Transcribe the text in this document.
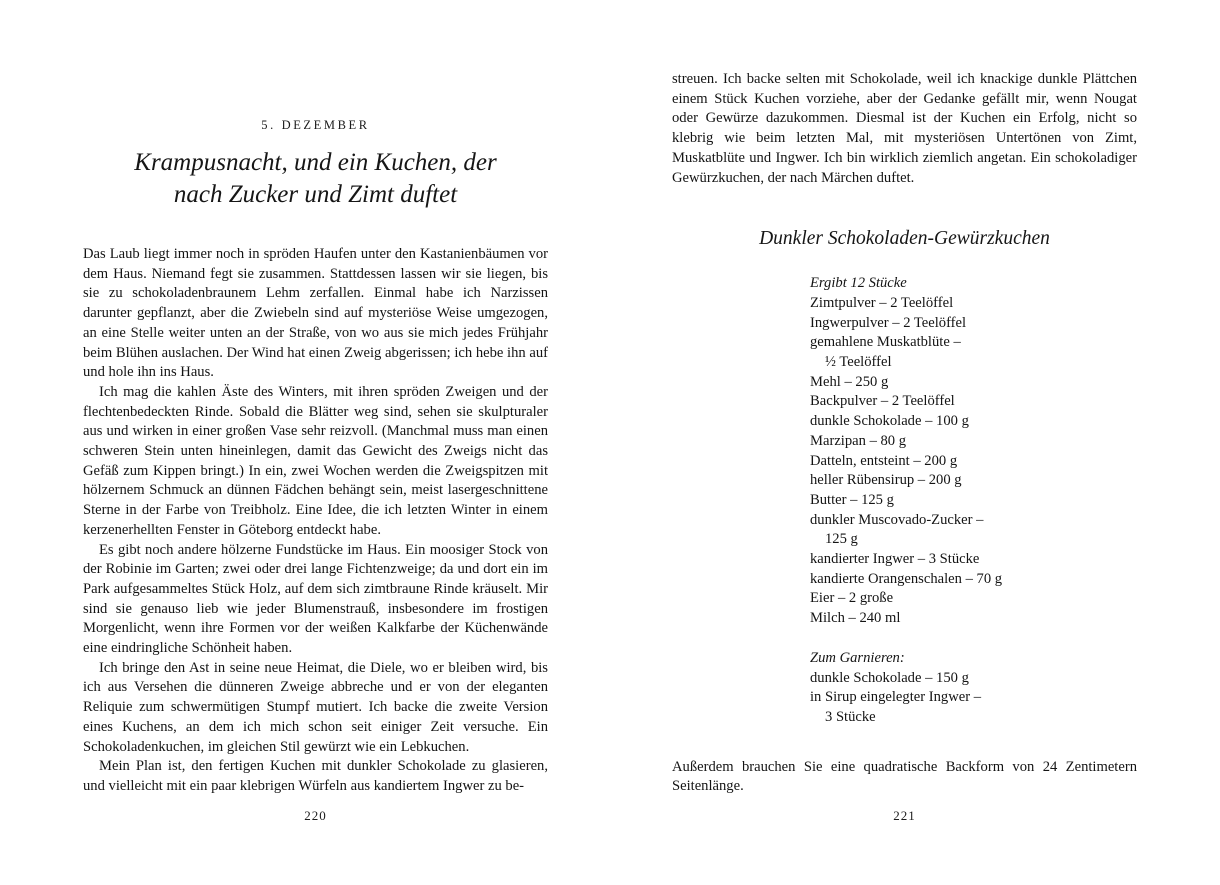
5. DEZEMBER
Krampusnacht, und ein Kuchen, der nach Zucker und Zimt duftet

Das Laub liegt immer noch in spröden Haufen unter den Kastanienbäumen vor dem Haus. Niemand fegt sie zusammen. Stattdessen lassen wir sie liegen, bis sie zu schokoladenbraunem Lehm zerfallen. Einmal habe ich Narzissen darunter gepflanzt, aber die Zwiebeln sind auf mysteriöse Weise umgezogen, an eine Stelle weiter unten an der Straße, von wo aus sie mich jedes Frühjahr beim Blühen auslachen. Der Wind hat einen Zweig abgerissen; ich hebe ihn auf und hole ihn ins Haus.

Ich mag die kahlen Äste des Winters, mit ihren spröden Zweigen und der flechtenbedeckten Rinde. Sobald die Blätter weg sind, sehen sie skulpturaler aus und wirken in einer großen Vase sehr reizvoll. (Manchmal muss man einen schweren Stein unten hineinlegen, damit das Gewicht des Zweigs nicht das Gefäß zum Kippen bringt.) In ein, zwei Wochen werden die Zweigspitzen mit hölzernem Schmuck an dünnen Fädchen behängt sein, meist lasergeschnittene Sterne in der Farbe von Treibholz. Eine Idee, die ich letzten Winter in einem kerzenerhellten Fenster in Göteborg entdeckt habe.

Es gibt noch andere hölzerne Fundstücke im Haus. Ein moosiger Stock von der Robinie im Garten; zwei oder drei lange Fichtenzweige; da und dort ein im Park aufgesammeltes Stück Holz, auf dem sich zimtbraune Rinde kräuselt. Mir sind sie genauso lieb wie jeder Blumenstrauß, insbesondere im frostigen Morgenlicht, wenn ihre Formen vor der weißen Kalkfarbe der Küchenwände eine eindringliche Schönheit haben.

Ich bringe den Ast in seine neue Heimat, die Diele, wo er bleiben wird, bis ich aus Versehen die dünneren Zweige abbreche und er von der eleganten Reliquie zum schwermütigen Stumpf mutiert. Ich backe die zweite Version eines Kuchens, an dem ich mich schon seit einiger Zeit versuche. Ein Schokoladenkuchen, im gleichen Stil gewürzt wie ein Lebkuchen.

Mein Plan ist, den fertigen Kuchen mit dunkler Schokolade zu glasieren, und vielleicht mit ein paar klebrigen Würfeln aus kandiertem Ingwer zu be-

220

streuen. Ich backe selten mit Schokolade, weil ich knackige dunkle Plättchen einem Stück Kuchen vorziehe, aber der Gedanke gefällt mir, wenn Nougat oder Gewürze dazukommen. Diesmal ist der Kuchen ein Erfolg, nicht so klebrig wie beim letzten Mal, mit mysteriösen Untertönen von Zimt, Muskatblüte und Ingwer. Ich bin wirklich ziemlich angetan. Ein schokoladiger Gewürzkuchen, der nach Märchen duftet.

Dunkler Schokoladen-Gewürzkuchen
Ergibt 12 Stücke
Zimtpulver – 2 Teelöffel
Ingwerpulver – 2 Teelöffel
gemahlene Muskatblüte –
½ Teelöffel
Mehl – 250 g
Backpulver – 2 Teelöffel
dunkle Schokolade – 100 g
Marzipan – 80 g
Datteln, entsteint – 200 g
heller Rübensirup – 200 g
Butter – 125 g
dunkler Muscovado-Zucker –
125 g
kandierter Ingwer – 3 Stücke
kandierte Orangenschalen – 70 g
Eier – 2 große
Milch – 240 ml
Zum Garnieren:
dunkle Schokolade – 150 g
in Sirup eingelegter Ingwer –
3 Stücke

Außerdem brauchen Sie eine quadratische Backform von 24 Zentimetern Seitenlänge.

221
